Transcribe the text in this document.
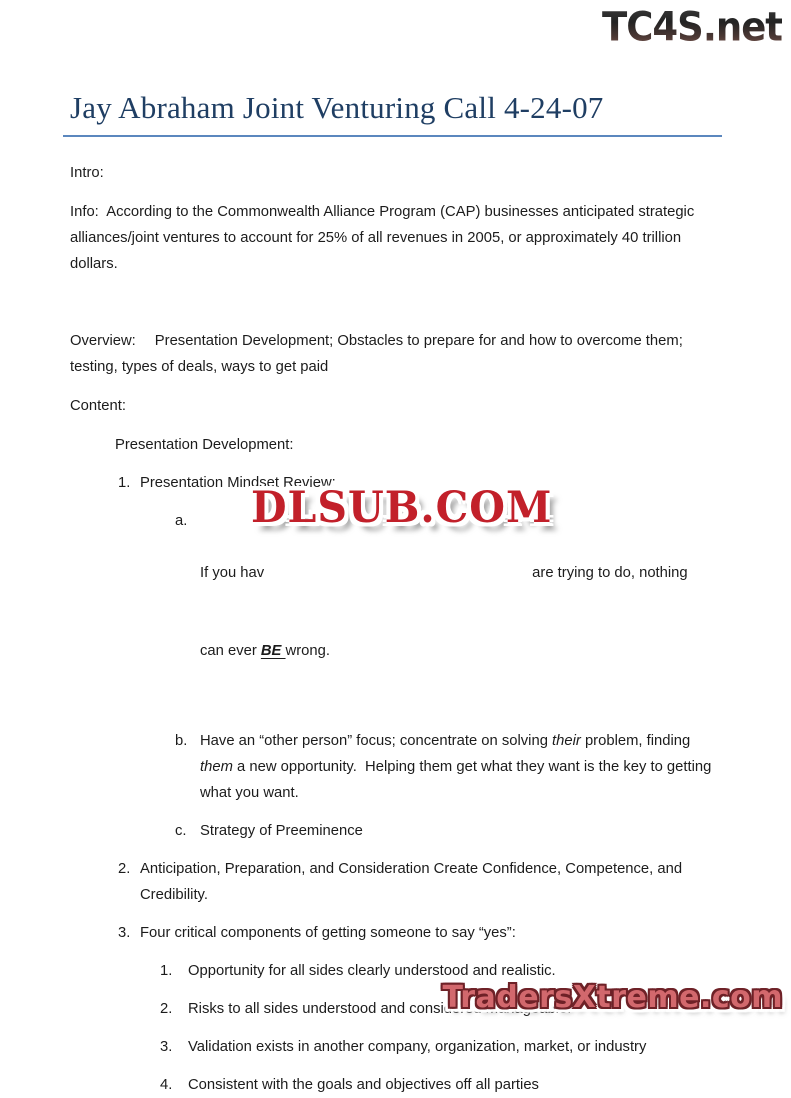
TC4S.net
Jay Abraham Joint Venturing Call 4-24-07

Intro:

Info:  According to the Commonwealth Alliance Program (CAP) businesses anticipated strategic alliances/joint ventures to account for 25% of all revenues in 2005, or approximately 40 trillion dollars.

Overview: Presentation Development; Obstacles to prepare for and how to overcome them; testing, types of deals, ways to get paid

Content:

Presentation Development:

1. Presentation Mindset Review:
a.

If you hav	are trying to do, nothing

can ever BE wrong.

b. Have an “other person” focus; concentrate on solving their problem, finding them a new opportunity.  Helping them get what they want is the key to getting what you want.
c. Strategy of Preeminence
2. Anticipation, Preparation, and Consideration Create Confidence, Competence, and Credibility.
3. Four critical components of getting someone to say “yes”:
1.	Opportunity for all sides clearly understood and realistic.
2.	Risks to all sides understood and considered manageable.
3.	Validation exists in another company, organization, market, or industry
4.	Consistent with the goals and objectives off all parties
DLSUB.COM
TradersXtreme.com
